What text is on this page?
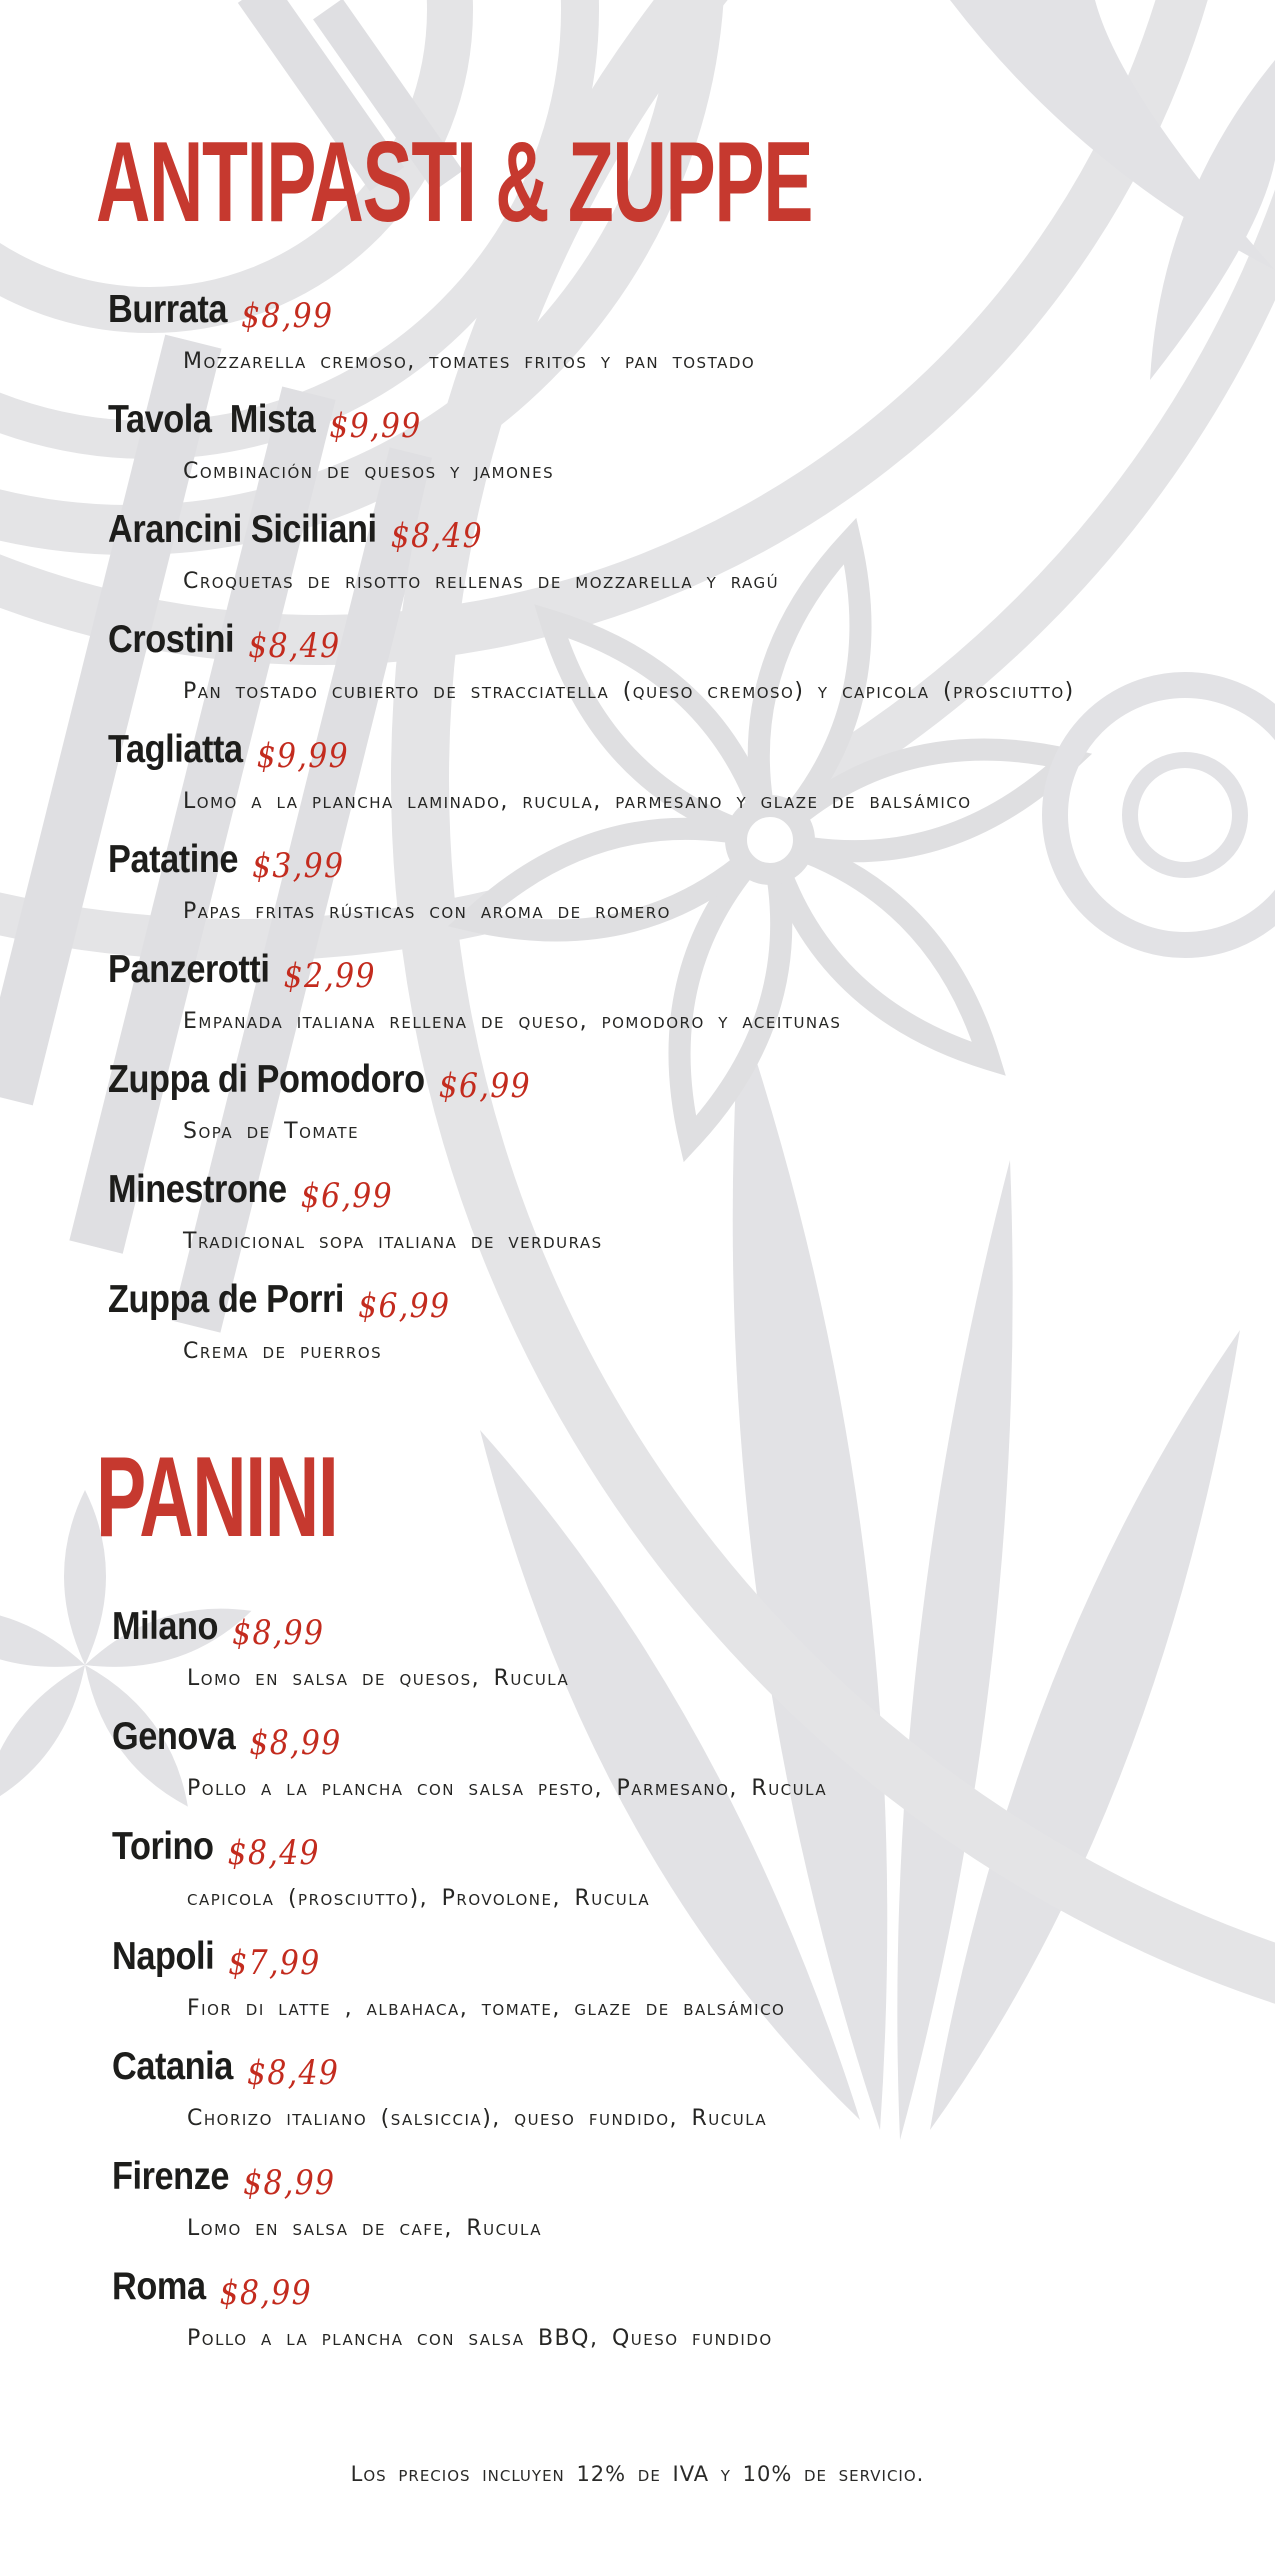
ANTIPASTI & ZUPPE
Burrata $8,99
Mozzarella cremoso, tomates fritos y pan tostado
Tavola  Mista $9,99
Combinación de quesos y jamones
Arancini Siciliani $8,49
Croquetas de risotto rellenas de mozzarella y ragú
Crostini $8,49
Pan tostado cubierto de stracciatella (queso cremoso) y capicola (prosciutto)
Tagliatta $9,99
Lomo a la plancha laminado, rucula, parmesano y glaze de balsámico
Patatine $3,99
Papas fritas rústicas con aroma de romero
Panzerotti $2,99
Empanada italiana rellena de queso, pomodoro y aceitunas
Zuppa di Pomodoro $6,99
Sopa de Tomate
Minestrone $6,99
Tradicional sopa italiana de verduras
Zuppa de Porri $6,99
Crema de puerros
PANINI
Milano $8,99
Lomo en salsa de quesos, Rucula
Genova $8,99
Pollo a la plancha con salsa pesto, Parmesano, Rucula
Torino $8,49
capicola (prosciutto), Provolone, Rucula
Napoli $7,99
Fior di latte , albahaca, tomate, glaze de balsámico
Catania $8,49
Chorizo italiano (salsiccia), queso fundido, Rucula
Firenze $8,99
Lomo en salsa de cafe, Rucula
Roma $8,99
Pollo a la plancha con salsa BBQ, Queso fundido
Los precios incluyen 12% de IVA y 10% de servicio.
